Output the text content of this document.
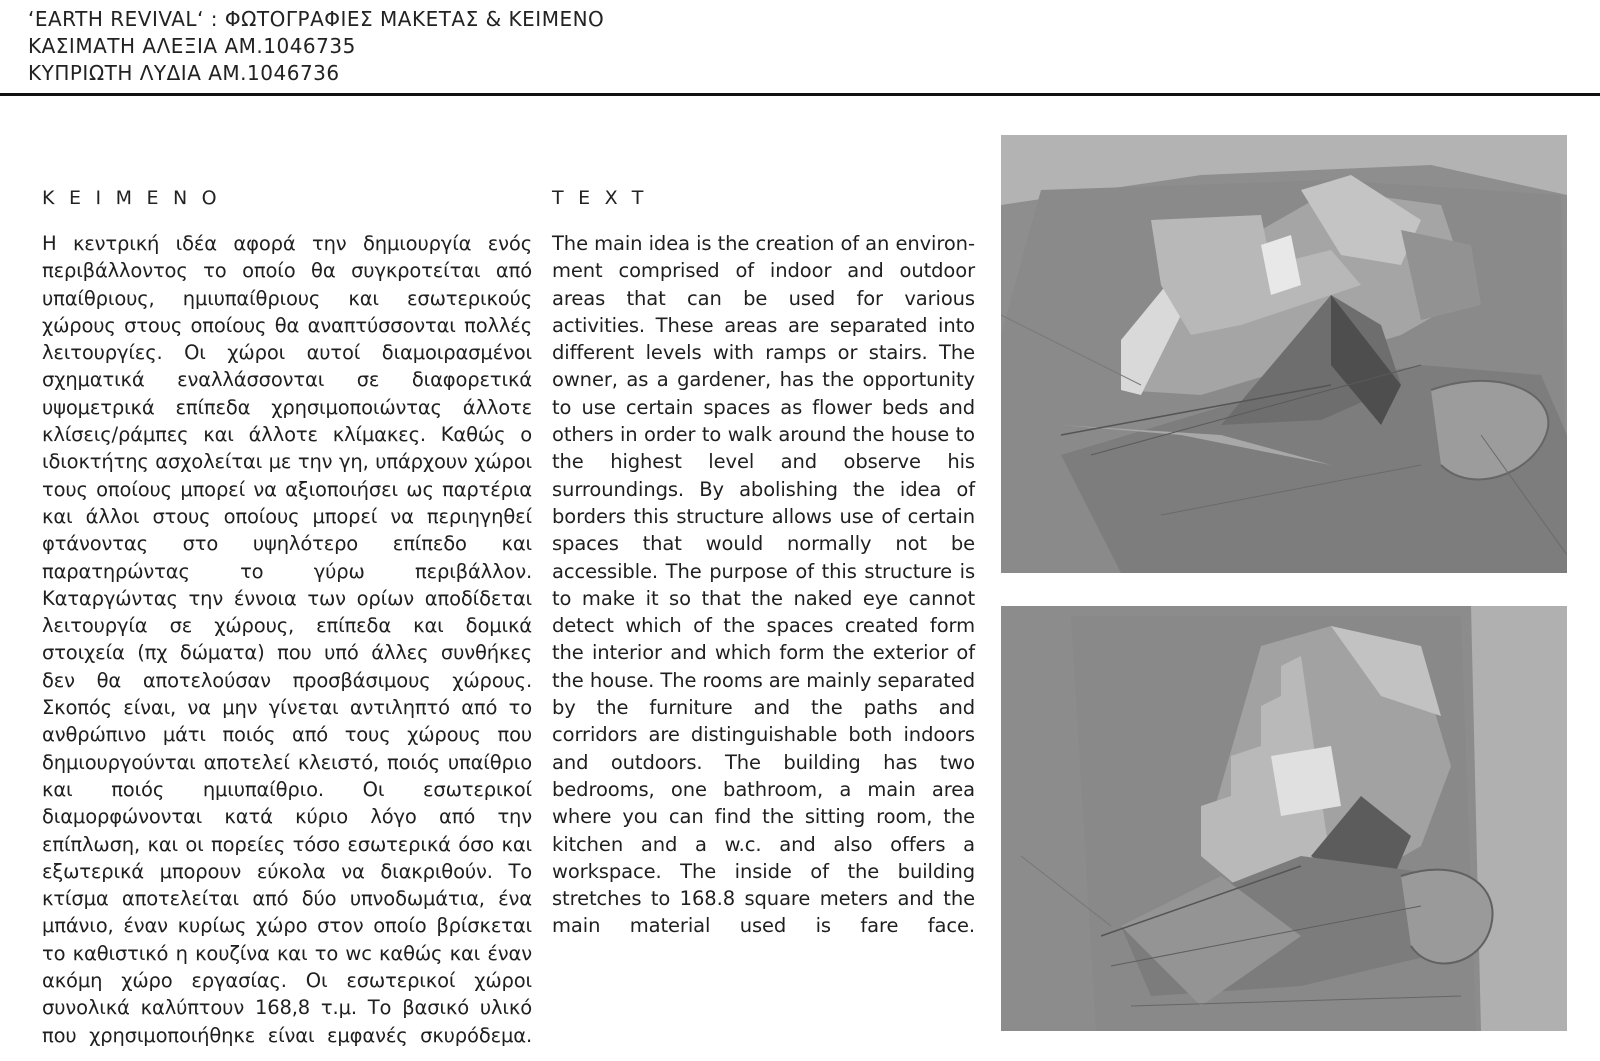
‘EARTH REVIVAL‘ : ΦΩΤΟΓΡΑΦΙΕΣ ΜΑΚΕΤΑΣ & ΚΕΙΜΕΝΟ
ΚΑΣΙΜΑΤΗ ΑΛΕΞΙΑ ΑΜ.1046735
ΚΥΠΡΙΩΤΗ ΛΥΔΙΑ ΑΜ.1046736
ΚΕΙΜΕΝΟ

Η κεντρική ιδέα αφορά την δημιουργία ενός περιβάλλοντος το οποίο θα συγκροτείται από υπαίθριους, ημιυπαίθριους και εσωτερικούς χώρους στους οποίους θα αναπτύσσονται πολλές λειτουργίες. Οι χώροι αυτοί διαμοιρασμένοι σχηματικά εναλλάσσονται σε διαφορετικά υψομετρικά επίπεδα χρησιμοποιώντας άλλοτε κλίσεις/ράμπες και άλλοτε κλίμακες. Καθώς ο ιδιοκτήτης ασχολείται με την γη, υπάρχουν χώροι τους οποίους μπορεί να αξιοποιήσει ως παρτέρια και άλλοι στους οποίους μπορεί να περιηγηθεί φτάνοντας στο υψηλότερο επίπεδο και παρατηρώντας το γύρω περιβάλλον. Καταργώντας την έννοια των ορίων αποδίδεται λειτουργία σε χώρους, επίπεδα και δομικά στοιχεία (πχ δώματα) που υπό άλλες συνθήκες δεν θα αποτελούσαν προσβάσιμους χώρους. Σκοπός είναι, να μην γίνεται αντιληπτό από το ανθρώπινο μάτι ποιός από τους χώρους που δημιουργούνται αποτελεί κλειστό, ποιός υπαίθριο και ποιός ημιυπαίθριο. Οι εσωτερικοί διαμορφώνονται κατά κύριο λόγο από την επίπλωση, και οι πορείες τόσο εσωτερικά όσο και εξωτερικά μπορουν εύκολα να διακριθούν. Το κτίσμα αποτελείται από δύο υπνοδωμάτια, ένα μπάνιο, έναν κυρίως χώρο στον οποίο βρίσκεται το καθιστικό η κουζίνα και το wc καθώς και έναν ακόμη χώρο εργασίας. Οι εσωτερικοί χώροι συνολικά καλύπτουν 168,8 τ.μ. Το βασικό υλικό που χρησιμοποιήθηκε είναι εμφανές σκυρόδεμα.

TEXT

The main idea is the creation of an environment comprised of indoor and outdoor areas that can be used for various activities. These areas are separated into different levels with ramps or stairs. The owner, as a gardener, has the opportunity to use certain spaces as flower beds and others in order to walk around the house to the highest level and observe his surroundings. By abolishing the idea of borders this structure allows use of certain spaces that would normally not be accessible. The purpose of this structure is to make it so that the naked eye cannot detect which of the spaces created form the interior and which form the exterior of the house. The rooms are mainly separated by the furniture and the paths and corridors are distinguishable both indoors and outdoors. The building has two bedrooms, one bathroom, a main area where you can find the sitting room, the kitchen and a w.c. and also offers a workspace. The inside of the building stretches to 168.8 square meters and the main material used is fare face.
